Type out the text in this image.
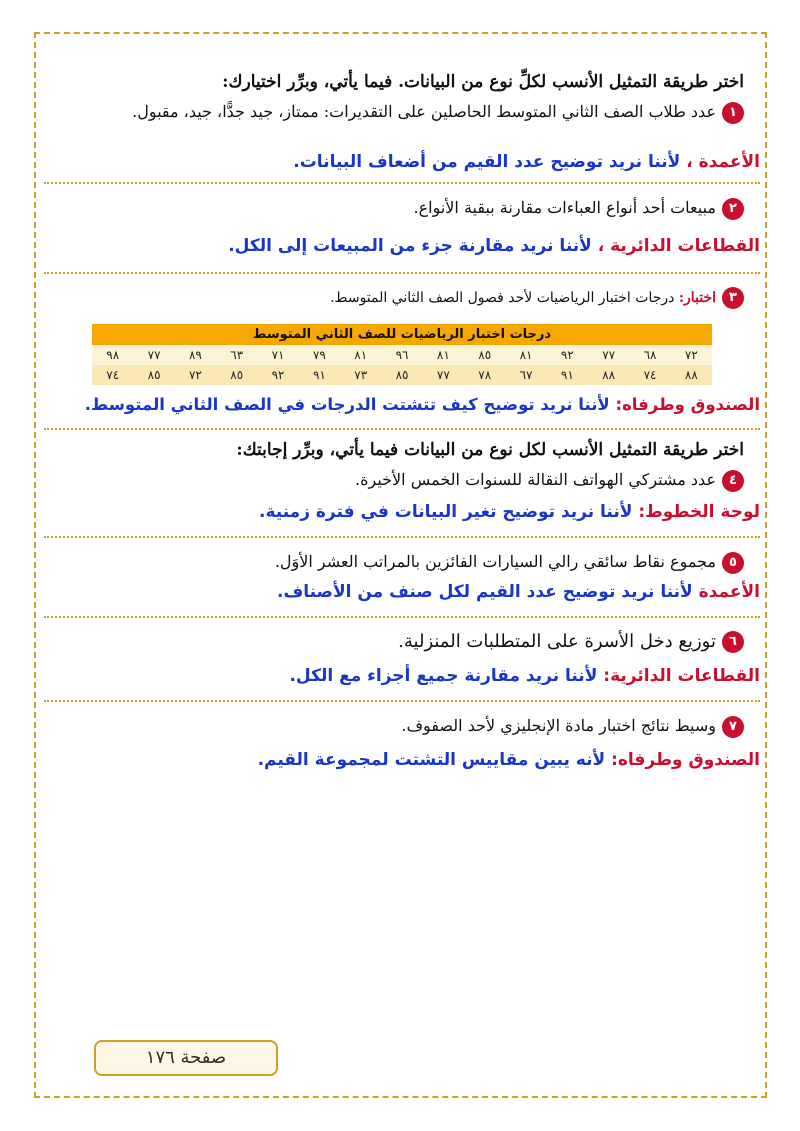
اختر طريقة التمثيل الأنسب لكلِّ نوع من البيانات. فيما يأتي، وبرِّر اختيارك:

١عدد طلاب الصف الثاني المتوسط الحاصلين على التقديرات: ممتاز، جيد جدًّا، جيد، مقبول.

الأعمدة ، لأننا نريد توضيح عدد القيم من أضعاف البيانات.

٢مبيعات أحد أنواع العباءات مقارنة ببقية الأنواع.

القطاعات الدائرية ، لأننا نريد مقارنة جزء من المبيعات إلى الكل.

٣اختبار: درجات اختبار الرياضيات لأحد فصول الصف الثاني المتوسط.

درجات اختبار الرياضيات للصف الثاني المتوسط
٧٢	٦٨	٧٧	٩٢	٨١	٨٥	٨١	٩٦	٨١	٧٩	٧١	٦٣	٨٩	٧٧	٩٨
٨٨	٧٤	٨٨	٩١	٦٧	٧٨	٧٧	٨٥	٧٣	٩١	٩٢	٨٥	٧٢	٨٥	٧٤

الصندوق وطرفاه: لأننا نريد توضيح كيف تتشتت الدرجات في الصف الثاني المتوسط.

اختر طريقة التمثيل الأنسب لكل نوع من البيانات فيما يأتي، وبرِّر إجابتك:

٤عدد مشتركي الهواتف النقالة للسنوات الخمس الأخيرة.

لوحة الخطوط: لأننا نريد توضيح تغير البيانات في فترة زمنية.

٥مجموع نقاط سائقي رالي السيارات الفائزين بالمراتب العشر الأوَل.

الأعمدة لأننا نريد توضيح عدد القيم لكل صنف من الأصناف.

٦توزيع دخل الأسرة على المتطلبات المنزلية.

القطاعات الدائرية: لأننا نريد مقارنة جميع أجزاء مع الكل.

٧وسيط نتائج اختبار مادة الإنجليزي لأحد الصفوف.

الصندوق وطرفاه: لأنه يبين مقاييس التشتت لمجموعة القيم.

صفحة ١٧٦
